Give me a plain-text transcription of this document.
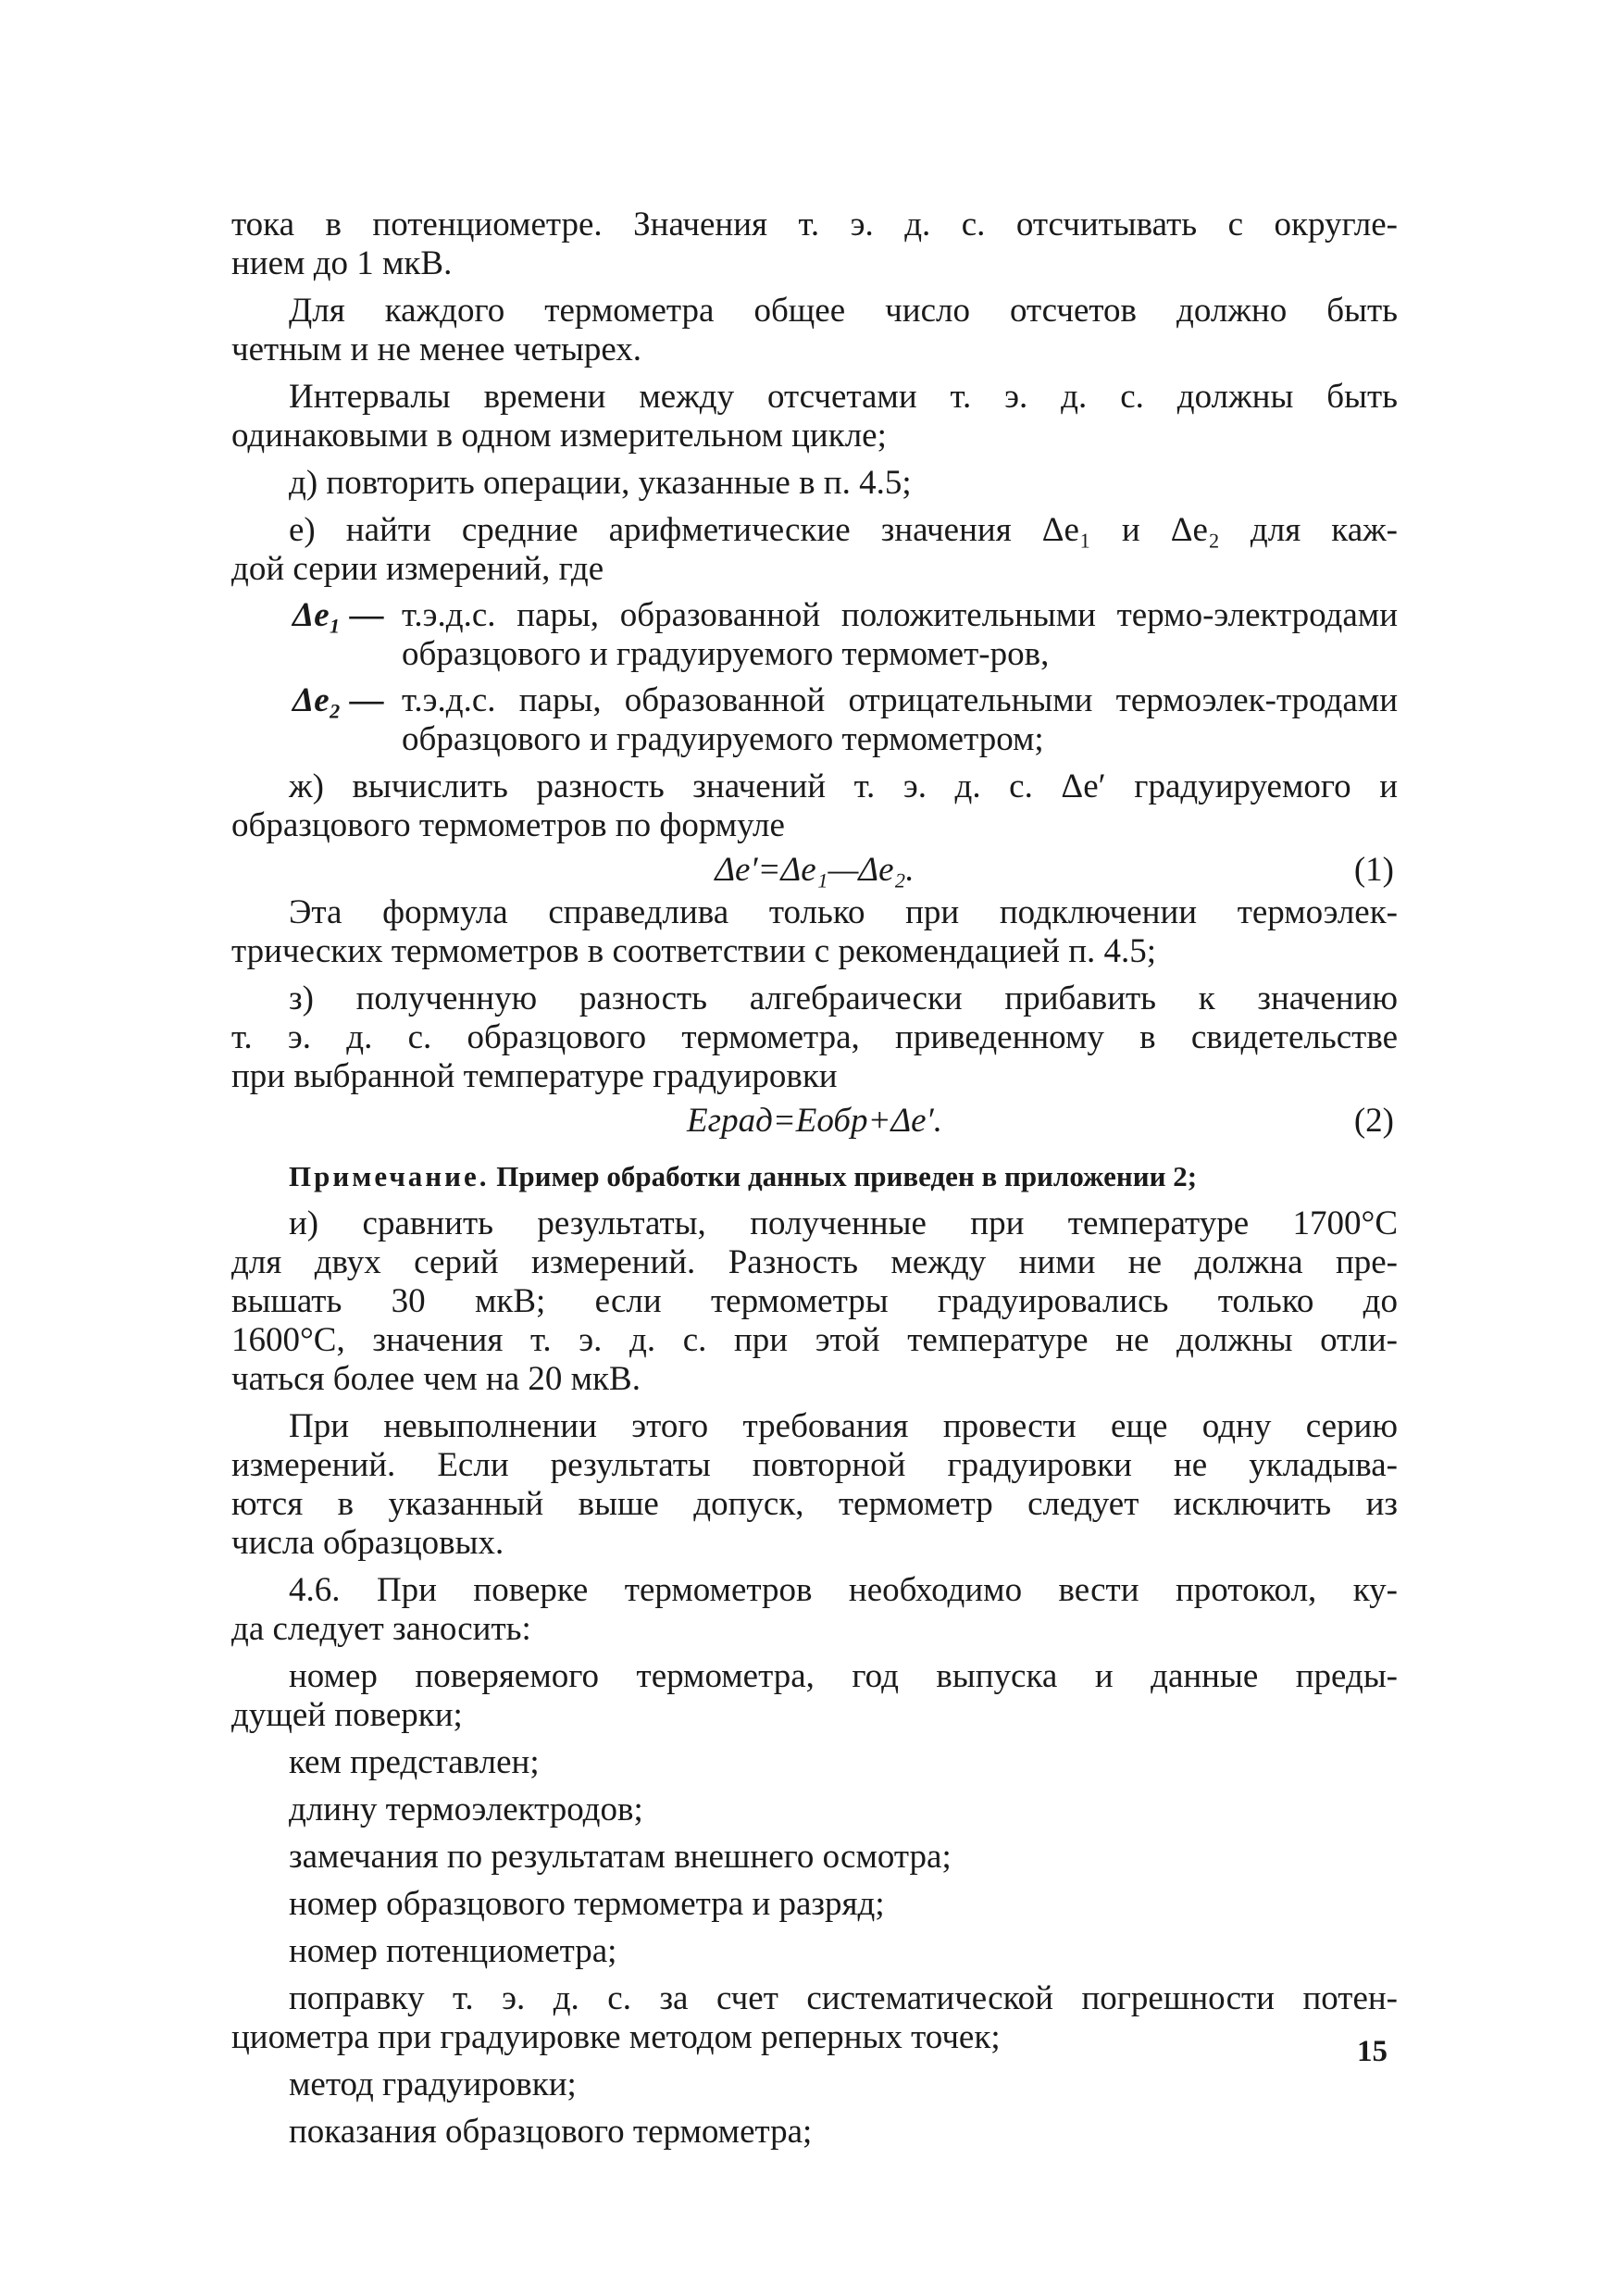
тока в потенциометре. Значения т. э. д. с. отсчитывать с округле-
нием до 1 мкВ.
Для каждого термометра общее число отсчетов должно быть
четным и не менее четырех.
Интервалы времени между отсчетами т. э. д. с. должны быть
одинаковыми в одном измерительном цикле;
д) повторить операции, указанные в п. 4.5;
е) найти средние арифметические значения Δe₁ и Δe₂ для каж-
дой серии измерений, где
Δe₁ — т.э.д.с. пары, образованной положительными термо-электродами образцового и градуируемого термомет-ров,
Δe₂ — т.э.д.с. пары, образованной отрицательными термоэлек-тродами образцового и градуируемого термометром;
ж) вычислить разность значений т. э. д. с. Δe′ градуируемого и
образцового термометров по формуле
Δe′=Δe₁—Δe₂.	(1)
Эта формула справедлива только при подключении термоэлек-
трических термометров в соответствии с рекомендацией п. 4.5;
з) полученную разность алгебраически прибавить к значению
т. э. д. с. образцового термометра, приведенному в свидетельстве
при выбранной температуре градуировки
Eград=Eобр+Δe′.	(2)
Примечание. Пример обработки данных приведен в приложении 2;
и) сравнить результаты, полученные при температуре 1700°С
для двух серий измерений. Разность между ними не должна пре-
вышать 30 мкВ; если термометры градуировались только до
1600°С, значения т. э. д. с. при этой температуре не должны отли-
чаться более чем на 20 мкВ.
При невыполнении этого требования провести еще одну серию
измерений. Если результаты повторной градуировки не укладыва-
ются в указанный выше допуск, термометр следует исключить из
числа образцовых.
4.6. При поверке термометров необходимо вести протокол, ку-
да следует заносить:
номер поверяемого термометра, год выпуска и данные преды-
дущей поверки;
кем представлен;
длину термоэлектродов;
замечания по результатам внешнего осмотра;
номер образцового термометра и разряд;
номер потенциометра;
поправку т. э. д. с. за счет систематической погрешности потен-
циометра при градуировке методом реперных точек;
метод градуировки;
показания образцового термометра;
15
